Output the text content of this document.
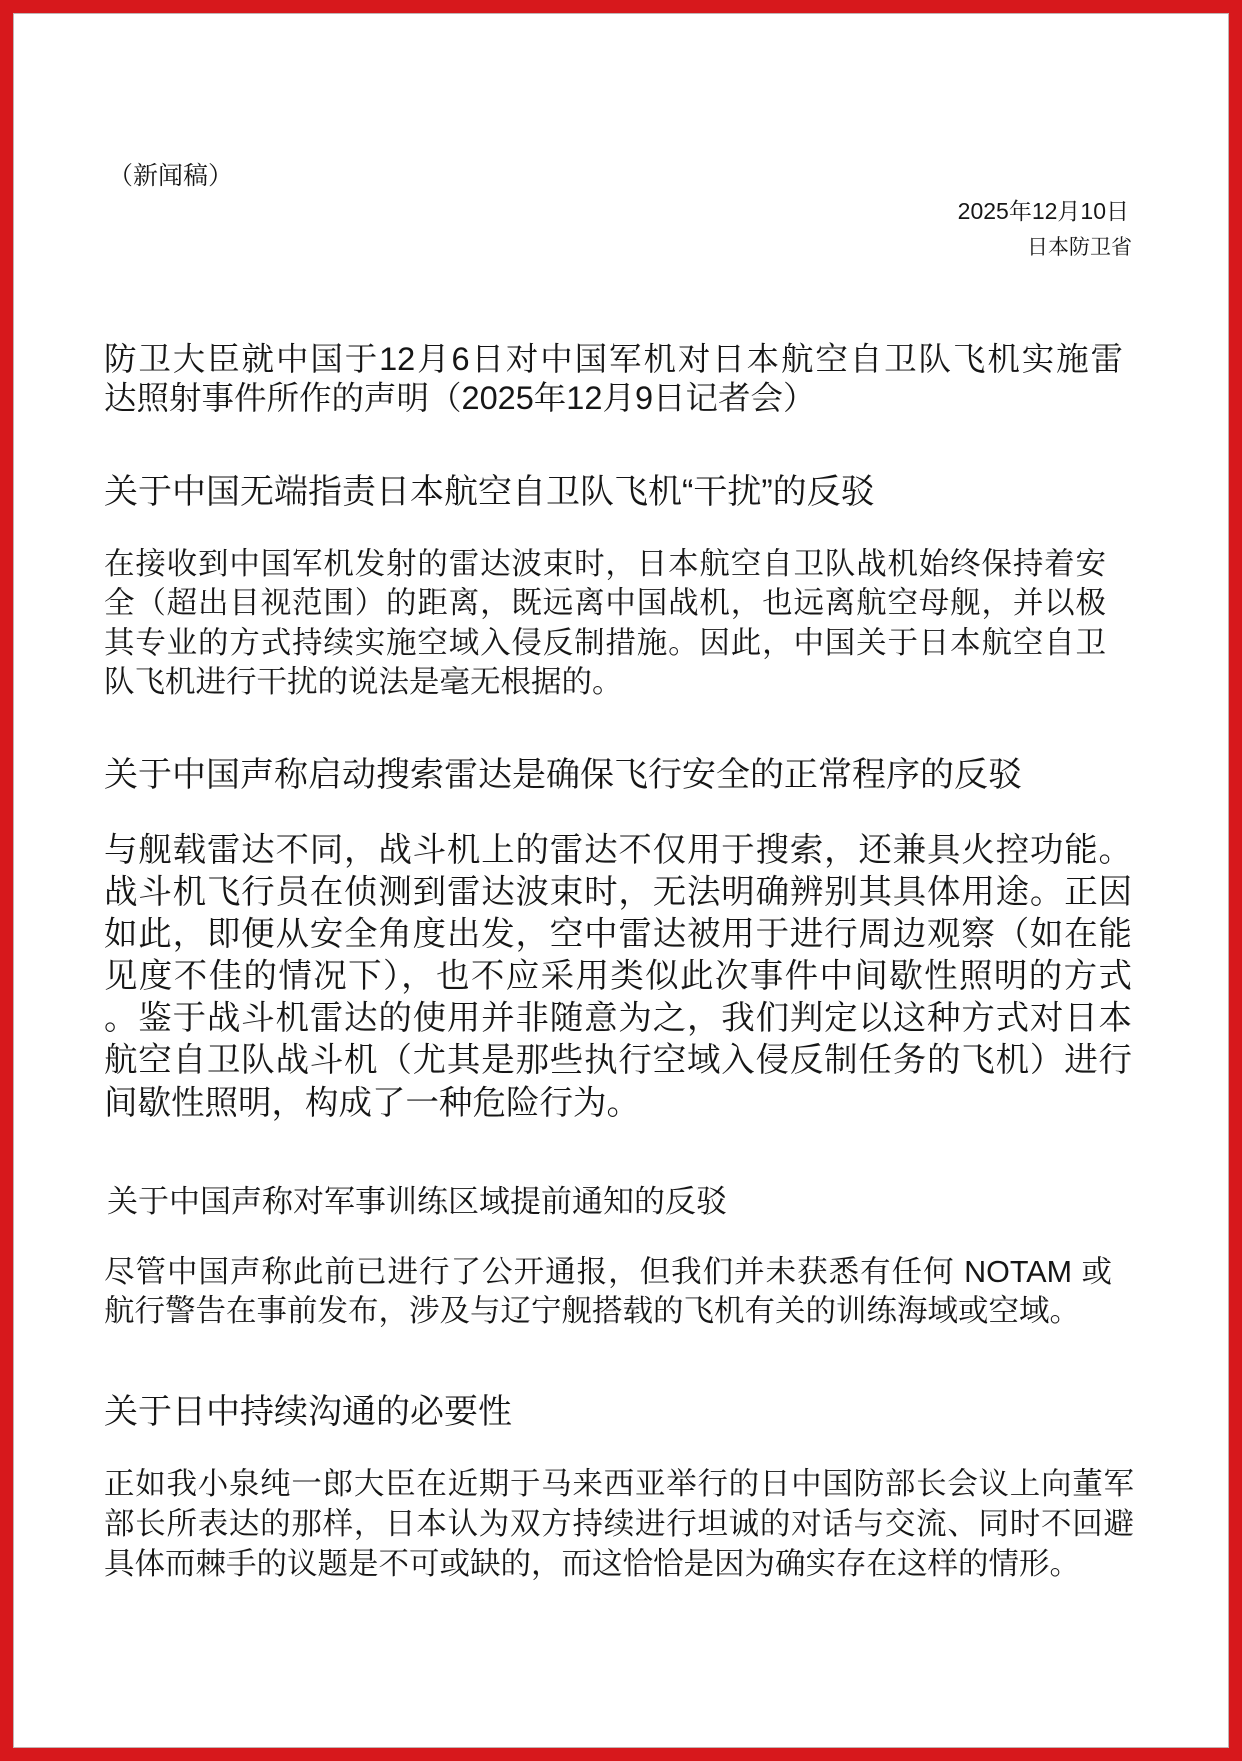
（新闻稿）
2025年12月10日
日本防卫省
防卫大臣就中国于12月6日对中国军机对日本航空自卫队飞机实施雷
达照射事件所作的声明（2025年12月9日记者会）
关于中国无端指责日本航空自卫队飞机“干扰”的反驳
在接收到中国军机发射的雷达波束时，日本航空自卫队战机始终保持着安
全（超出目视范围）的距离，既远离中国战机，也远离航空母舰，并以极
其专业的方式持续实施空域入侵反制措施。因此，中国关于日本航空自卫
队飞机进行干扰的说法是毫无根据的。
关于中国声称启动搜索雷达是确保飞行安全的正常程序的反驳
与舰载雷达不同，战斗机上的雷达不仅用于搜索，还兼具火控功能。
战斗机飞行员在侦测到雷达波束时，无法明确辨别其具体用途。正因
如此，即便从安全角度出发，空中雷达被用于进行周边观察（如在能
见度不佳的情况下），也不应采用类似此次事件中间歇性照明的方式
。鉴于战斗机雷达的使用并非随意为之，我们判定以这种方式对日本
航空自卫队战斗机（尤其是那些执行空域入侵反制任务的飞机）进行
间歇性照明，构成了一种危险行为。
关于中国声称对军事训练区域提前通知的反驳
尽管中国声称此前已进行了公开通报，但我们并未获悉有任何 NOTAM 或
航行警告在事前发布，涉及与辽宁舰搭载的飞机有关的训练海域或空域。
关于日中持续沟通的必要性
正如我小泉纯一郎大臣在近期于马来西亚举行的日中国防部长会议上向董军
部长所表达的那样，日本认为双方持续进行坦诚的对话与交流、同时不回避
具体而棘手的议题是不可或缺的，而这恰恰是因为确实存在这样的情形。
